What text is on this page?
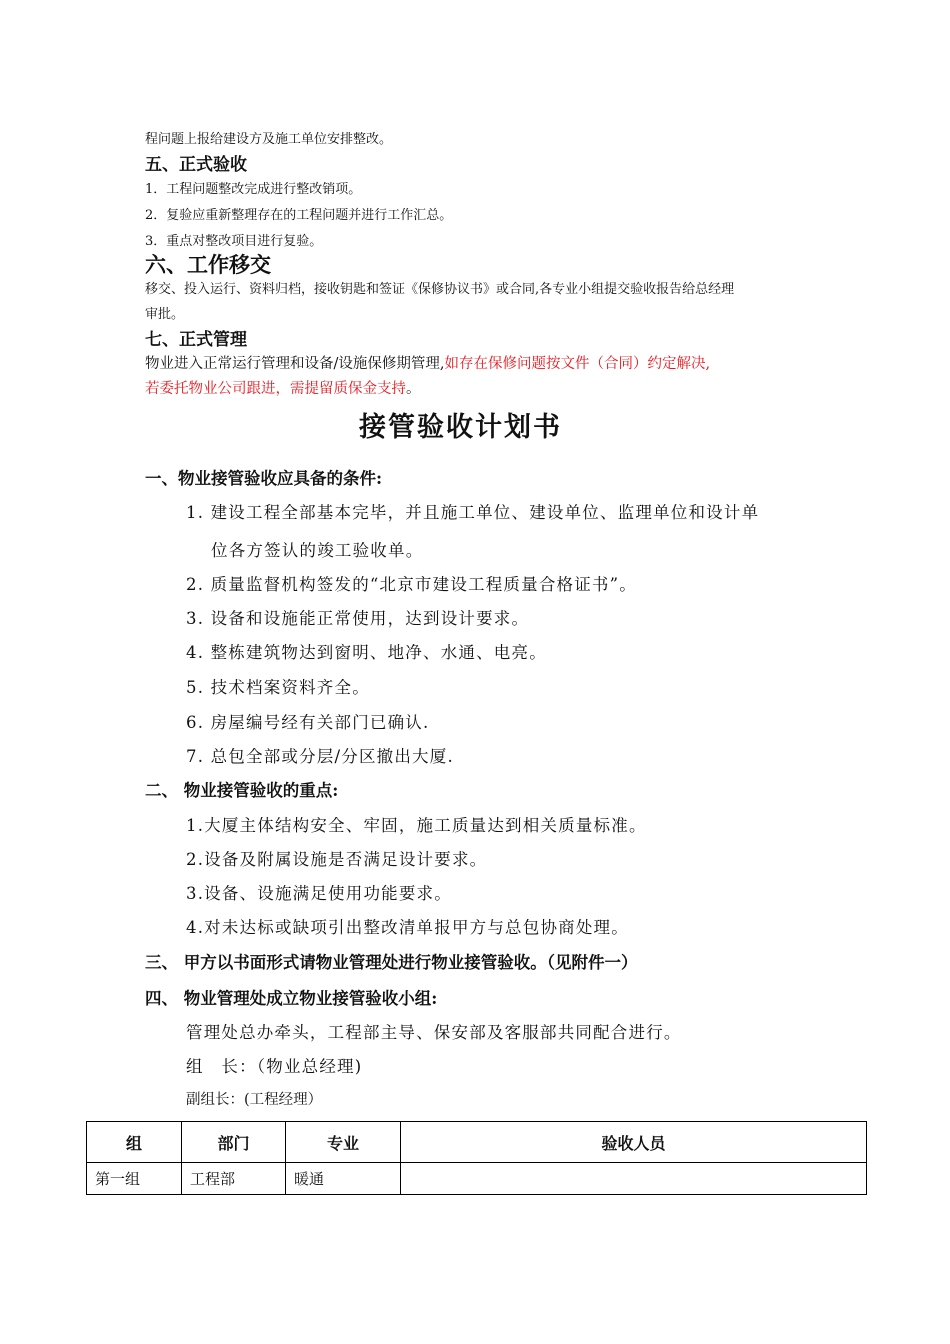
程问题上报给建设方及施工单位安排整改。
五、正式验收
1．工程问题整改完成进行整改销项。
2．复验应重新整理存在的工程问题并进行工作汇总。
3．重点对整改项目进行复验。
六、工作移交
移交、投入运行、资料归档，接收钥匙和签证《保修协议书》或合同,各专业小组提交验收报告给总经理
审批。
七、正式管理
物业进入正常运行管理和设备/设施保修期管理,如存在保修问题按文件（合同）约定解决,
若委托物业公司跟进，需提留质保金支持。
接管验收计划书
一、物业接管验收应具备的条件:
1. 建设工程全部基本完毕，并且施工单位、建设单位、监理单位和设计单
位各方签认的竣工验收单。
2. 质量监督机构签发的“北京市建设工程质量合格证书”。
3. 设备和设施能正常使用，达到设计要求。
4. 整栋建筑物达到窗明、地净、水通、电亮。
5. 技术档案资料齐全。
6. 房屋编号经有关部门已确认.
7. 总包全部或分层/分区撤出大厦.
二、 物业接管验收的重点:
1.大厦主体结构安全、牢固，施工质量达到相关质量标准。
2.设备及附属设施是否满足设计要求。
3.设备、设施满足使用功能要求。
4.对未达标或缺项引出整改清单报甲方与总包协商处理。
三、 甲方以书面形式请物业管理处进行物业接管验收。（见附件一）
四、 物业管理处成立物业接管验收小组:
管理处总办牵头，工程部主导、保安部及客服部共同配合进行。
组　长：（物业总经理)
副组长：(工程经理）
组	部门	专业	验收人员
第一组	工程部	暖通	
